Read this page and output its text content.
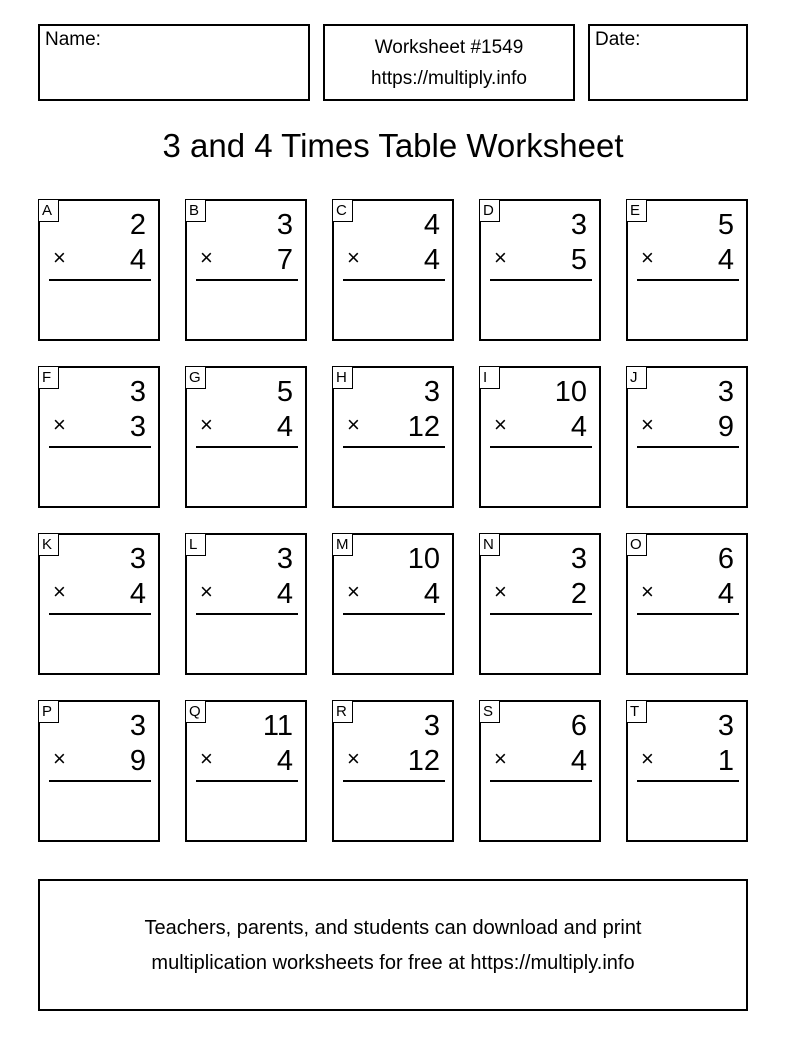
Name:	Worksheet #1549
https://multiply.info
Date:
3 and 4 Times Table Worksheet
A	2
× 4
B	3
× 7
C	4
× 4
D	3
× 5
E	5
× 4
F	3
× 3
G	5
× 4
H	3
× 12
I	10
× 4
J	3
× 9
K	3
× 4
L	3
× 4
M 10
× 4
N	3
× 2
O	6
× 4
P	3
× 9
Q 11
× 4
R	3
× 12
S	6
× 4
T	3
× 1
Teachers, parents, and students can download and print
multiplication worksheets for free at https://multiply.info
